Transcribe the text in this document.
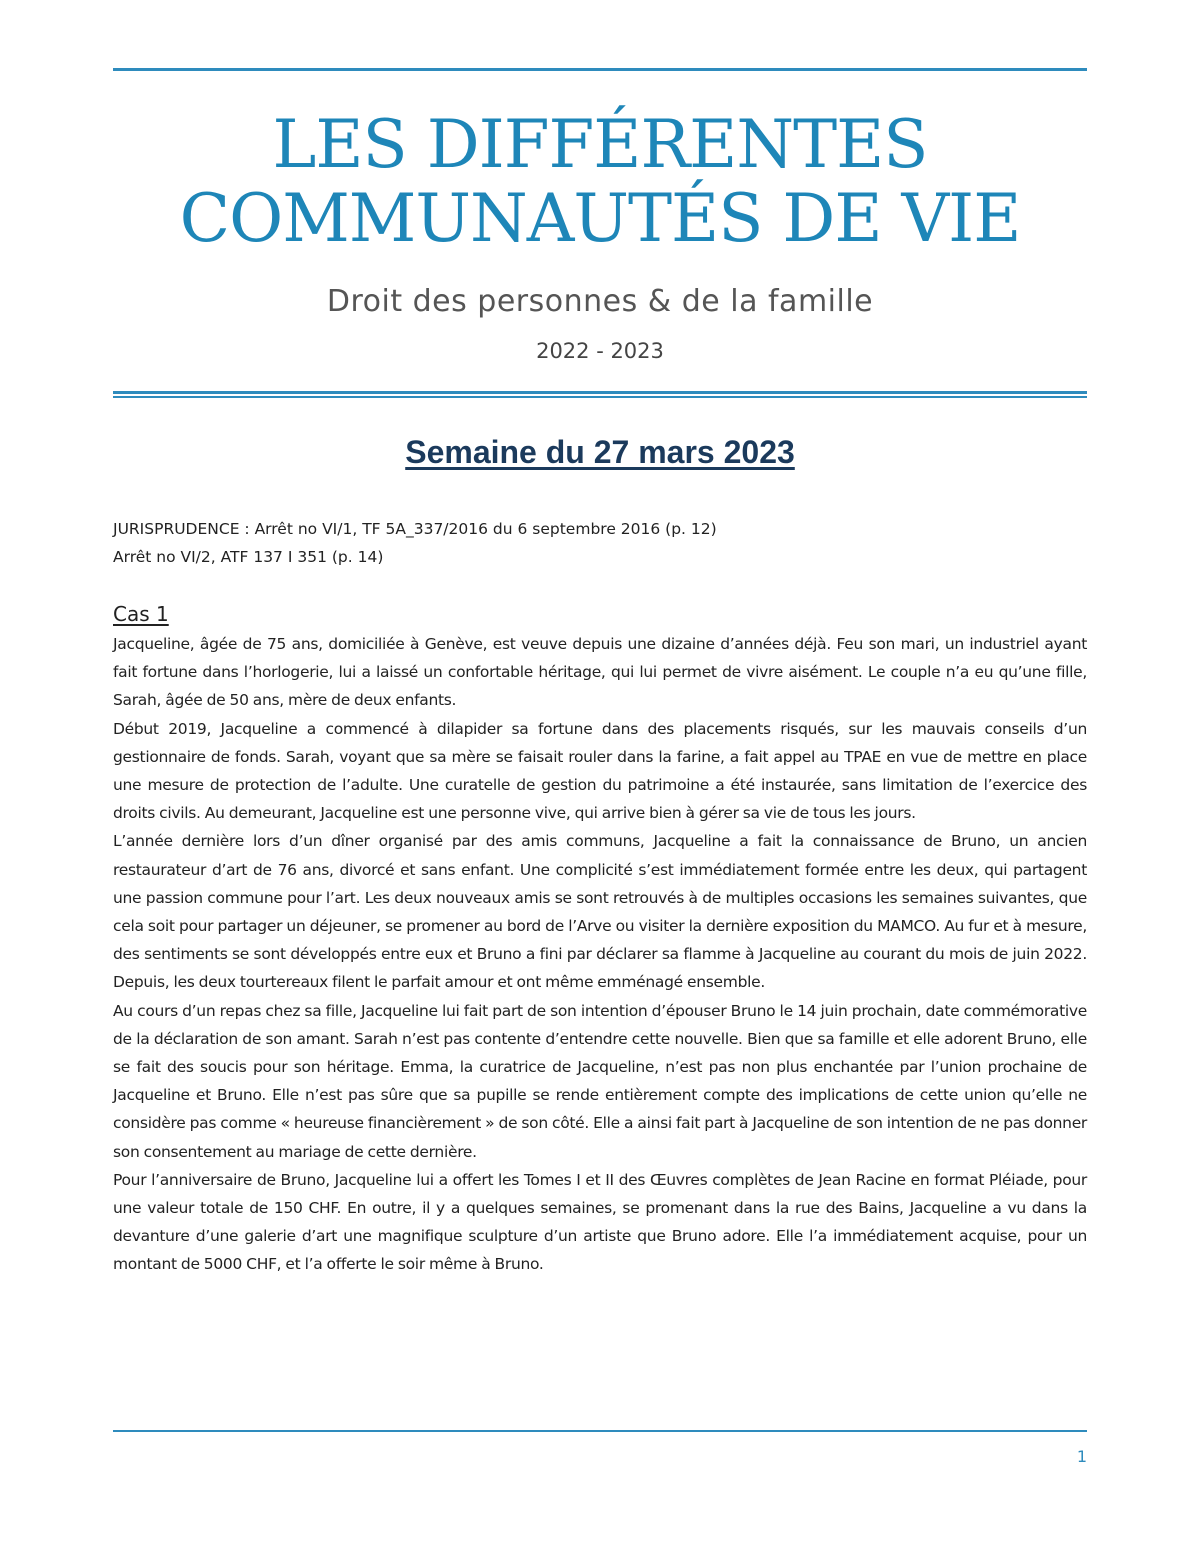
LES DIFFÉRENTES
COMMUNAUTÉS DE VIE
Droit des personnes & de la famille
2022 - 2023
Semaine du 27 mars 2023
JURISPRUDENCE : Arrêt no VI/1, TF 5A_337/2016 du 6 septembre 2016 (p. 12)
Arrêt no VI/2, ATF 137 I 351 (p. 14)
Cas 1

Jacqueline, âgée de 75 ans, domiciliée à Genève, est veuve depuis une dizaine d’années déjà. Feu son mari, un industriel ayant fait fortune dans l’horlogerie, lui a laissé un confortable héritage, qui lui permet de vivre aisément. Le couple n’a eu qu’une fille, Sarah, âgée de 50 ans, mère de deux enfants.

Début 2019, Jacqueline a commencé à dilapider sa fortune dans des placements risqués, sur les mauvais conseils d’un gestionnaire de fonds. Sarah, voyant que sa mère se faisait rouler dans la farine, a fait appel au TPAE en vue de mettre en place une mesure de protection de l’adulte. Une curatelle de gestion du patrimoine a été instaurée, sans limitation de l’exercice des droits civils. Au demeurant, Jacqueline est une personne vive, qui arrive bien à gérer sa vie de tous les jours.

L’année dernière lors d’un dîner organisé par des amis communs, Jacqueline a fait la connaissance de Bruno, un ancien restaurateur d’art de 76 ans, divorcé et sans enfant. Une complicité s’est immédiatement formée entre les deux, qui partagent une passion commune pour l’art. Les deux nouveaux amis se sont retrouvés à de multiples occasions les semaines suivantes, que cela soit pour partager un déjeuner, se promener au bord de l’Arve ou visiter la dernière exposition du MAMCO. Au fur et à mesure, des sentiments se sont développés entre eux et Bruno a fini par déclarer sa flamme à Jacqueline au courant du mois de juin 2022. Depuis, les deux tourtereaux filent le parfait amour et ont même emménagé ensemble.

Au cours d’un repas chez sa fille, Jacqueline lui fait part de son intention d’épouser Bruno le 14 juin prochain, date commémorative de la déclaration de son amant. Sarah n’est pas contente d’entendre cette nouvelle. Bien que sa famille et elle adorent Bruno, elle se fait des soucis pour son héritage. Emma, la curatrice de Jacqueline, n’est pas non plus enchantée par l’union prochaine de Jacqueline et Bruno. Elle n’est pas sûre que sa pupille se rende entièrement compte des implications de cette union qu’elle ne considère pas comme « heureuse financièrement » de son côté. Elle a ainsi fait part à Jacqueline de son intention de ne pas donner son consentement au mariage de cette dernière.

Pour l’anniversaire de Bruno, Jacqueline lui a offert les Tomes I et II des Œuvres complètes de Jean Racine en format Pléiade, pour une valeur totale de 150 CHF. En outre, il y a quelques semaines, se promenant dans la rue des Bains, Jacqueline a vu dans la devanture d’une galerie d’art une magnifique sculpture d’un artiste que Bruno adore. Elle l’a immédiatement acquise, pour un montant de 5000 CHF, et l’a offerte le soir même à Bruno.

1
